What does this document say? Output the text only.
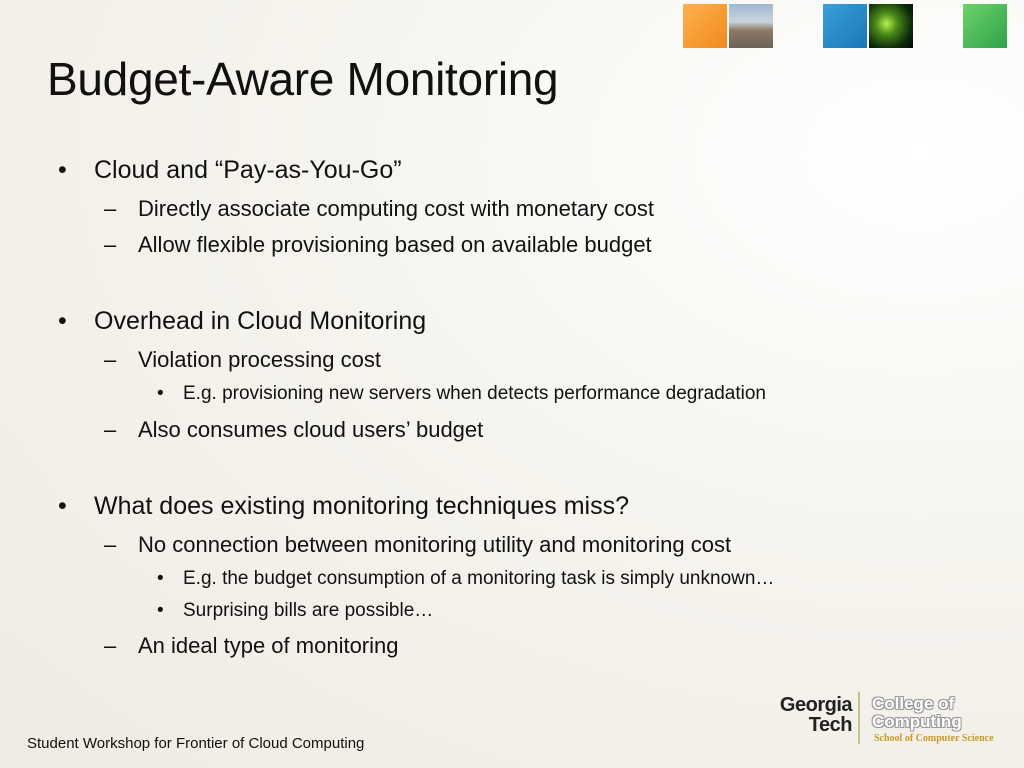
Budget-Aware Monitoring
• Cloud and “Pay-as-You-Go”
– Directly associate computing cost with monetary cost
– Allow flexible provisioning based on available budget
• Overhead in Cloud Monitoring
– Violation processing cost
• E.g. provisioning new servers when detects performance degradation
– Also consumes cloud users’ budget
• What does existing monitoring techniques miss?
– No connection between monitoring utility and monitoring cost
• E.g. the budget consumption of a monitoring task is simply unknown…
• Surprising bills are possible…
– An ideal type of monitoring
Student Workshop for Frontier of Cloud Computing
Georgia
Tech
College of
Computing
School of Computer Science
